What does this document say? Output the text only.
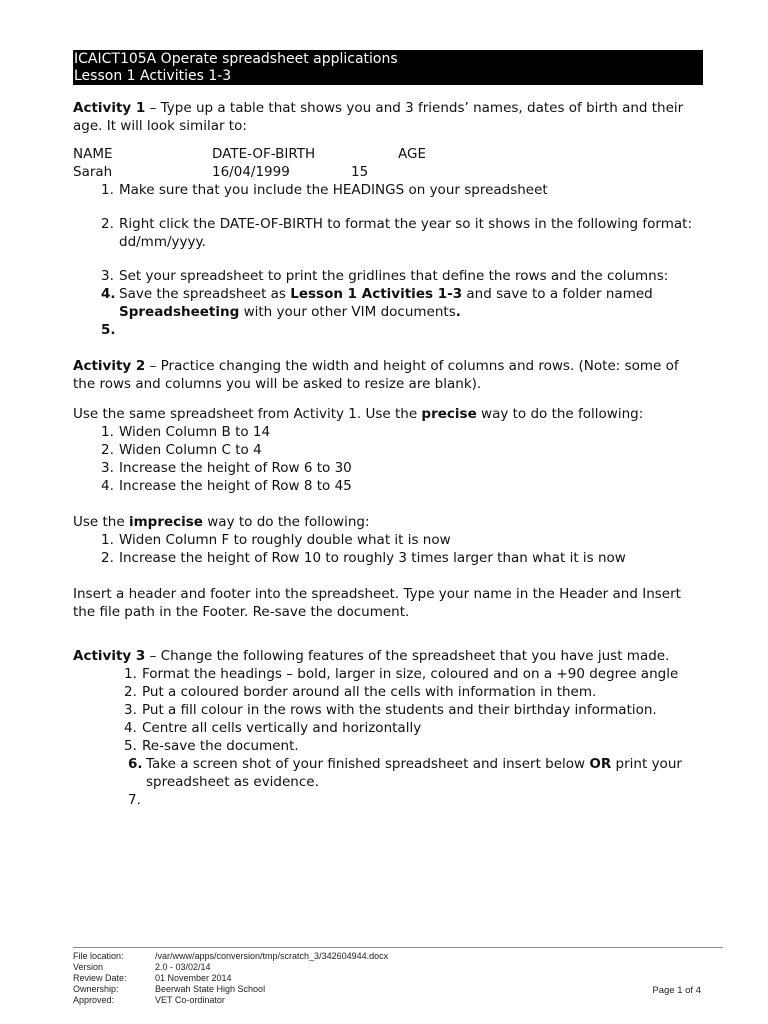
ICAICT105A Operate spreadsheet applications
Lesson 1 Activities 1-3

Activity 1 – Type up a table that shows you and 3 friends’ names, dates of birth and their age. It will look similar to:

NAME	DATE-OF-BIRTH	AGE
Sarah	16/04/1999	15
1. Make sure that you include the HEADINGS on your spreadsheet
2. Right click the DATE-OF-BIRTH to format the year so it shows in the following format: dd/mm/yyyy.
3. Set your spreadsheet to print the gridlines that define the rows and the columns:
4. Save the spreadsheet as Lesson 1 Activities 1-3 and save to a folder named Spreadsheeting with your other VIM documents.
5.

Activity 2 – Practice changing the width and height of columns and rows. (Note: some of the rows and columns you will be asked to resize are blank).

Use the same spreadsheet from Activity 1. Use the precise way to do the following:

1. Widen Column B to 14
2. Widen Column C to 4
3. Increase the height of Row 6 to 30
4. Increase the height of Row 8 to 45

Use the imprecise way to do the following:

1. Widen Column F to roughly double what it is now
2. Increase the height of Row 10 to roughly 3 times larger than what it is now

Insert a header and footer into the spreadsheet. Type your name in the Header and Insert the file path in the Footer. Re-save the document.

Activity 3 – Change the following features of the spreadsheet that you have just made.

1. Format the headings – bold, larger in size, coloured and on a +90 degree angle
2. Put a coloured border around all the cells with information in them.
3. Put a fill colour in the rows with the students and their birthday information.
4. Centre all cells vertically and horizontally
5. Re-save the document.
6. Take a screen shot of your finished spreadsheet and insert below OR print your spreadsheet as evidence.
7.
File location:	/var/www/apps/conversion/tmp/scratch_3/342604944.docx
Version	2.0 - 03/02/14
Review Date:	01 November 2014
Ownership:	Beerwah State High School
Approved:	VET Co-ordinator
Page 1 of 4
